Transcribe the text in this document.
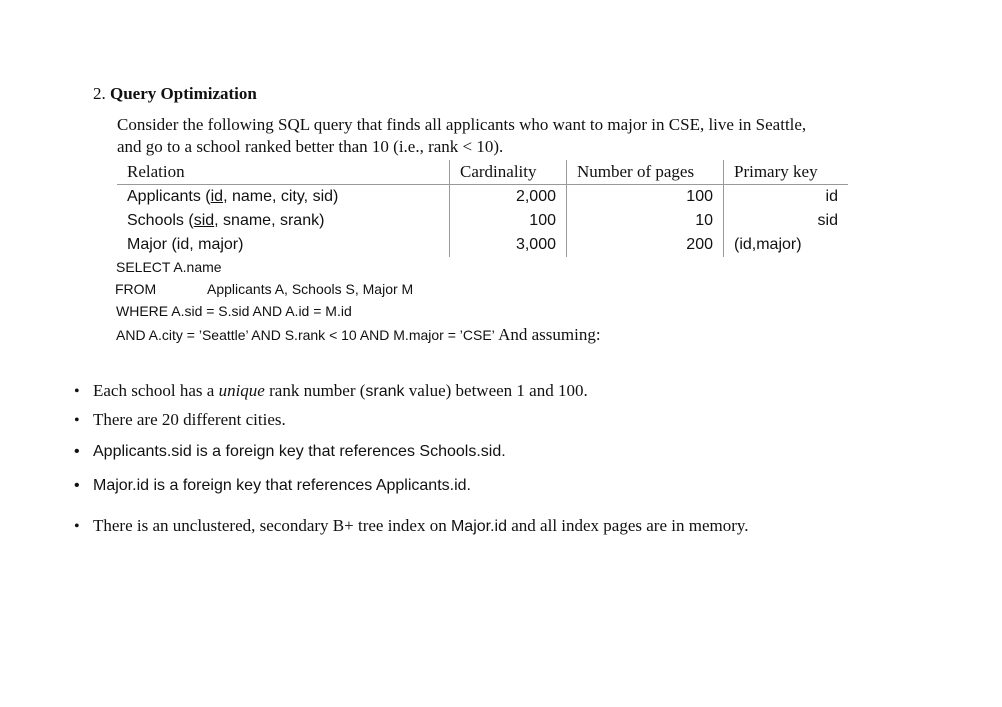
2. Query Optimization
Consider the following SQL query that finds all applicants who want to major in CSE, live in Seattle,
and go to a school ranked better than 10 (i.e., rank < 10).
Relation	Cardinality	Number of pages	Primary key
Applicants (id, name, city, sid)	2,000	100	id
Schools (sid, sname, srank)	100	10	sid
Major (id, major)	3,000	200	(id,major)
SELECT A.name
FROM	Applicants A, Schools S, Major M
WHERE A.sid = S.sid AND A.id = M.id
AND A.city = ’Seattle’ AND S.rank < 10 AND M.major = ’CSE’ And assuming:
• Each school has a unique rank number (srank value) between 1 and 100.
• There are 20 different cities.
• Applicants.sid is a foreign key that references Schools.sid.
• Major.id is a foreign key that references Applicants.id.
• There is an unclustered, secondary B+ tree index on Major.id and all index pages are in memory.
